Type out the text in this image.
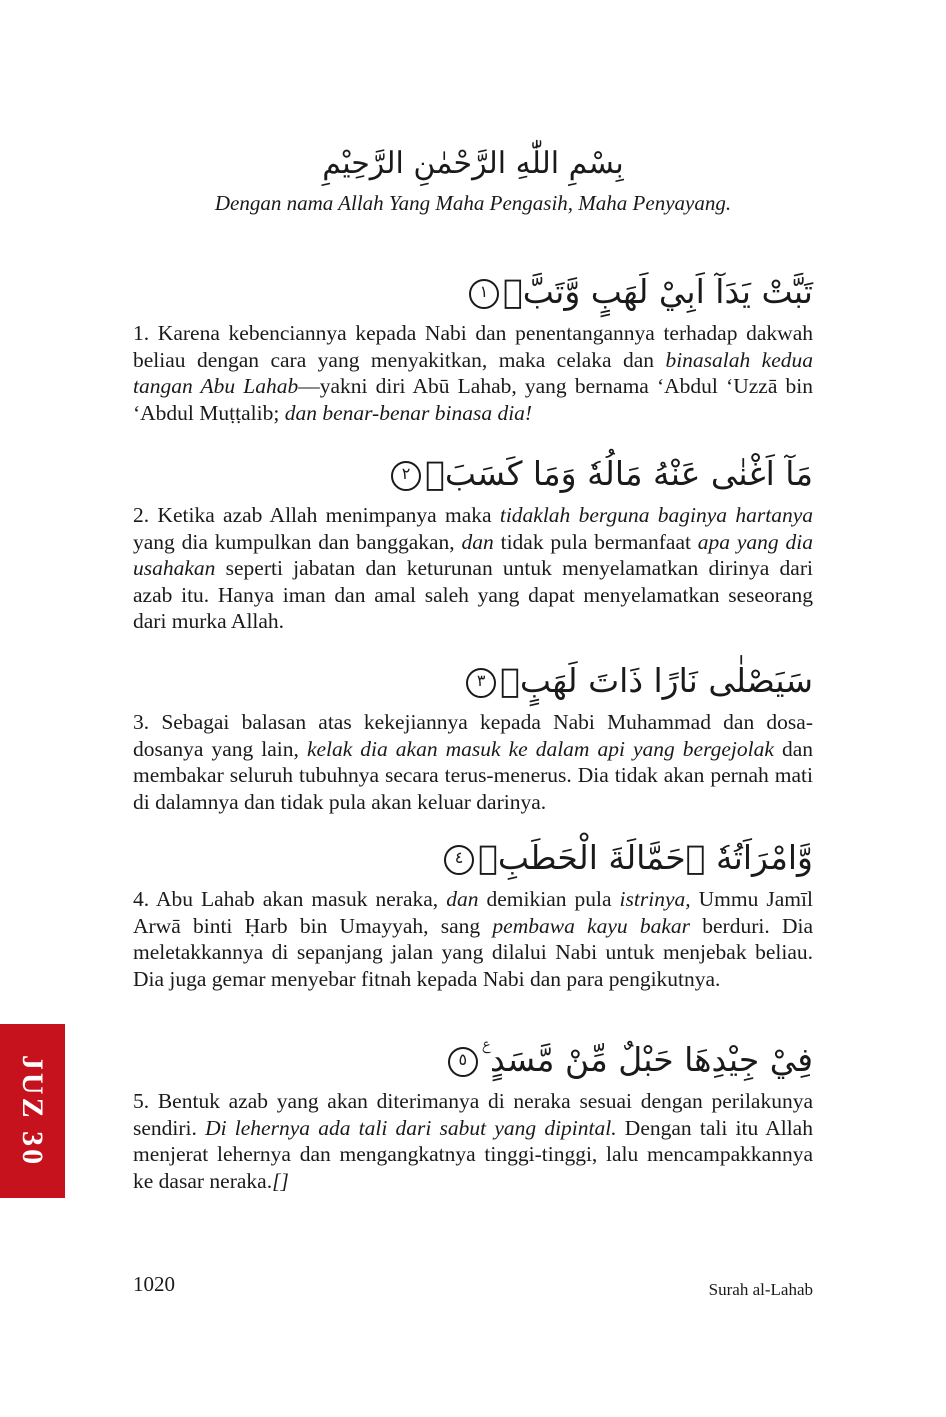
بِسْمِ اللّٰهِ الرَّحْمٰنِ الرَّحِيْمِ
Dengan nama Allah Yang Maha Pengasih, Maha Penyayang.
تَبَّتْ يَدَآ اَبِيْ لَهَبٍ وَّتَبَّۗ١
1. Karena kebenciannya kepada Nabi dan penentangannya terhadap dakwah beliau dengan cara yang menyakitkan, maka celaka dan binasalah kedua tangan Abu Lahab—yakni diri Abū Lahab, yang bernama ‘Abdul ‘Uzzā bin ‘Abdul Muṭṭalib; dan benar-benar binasa dia!
مَآ اَغْنٰى عَنْهُ مَالُهٗ وَمَا كَسَبَۗ٢
2. Ketika azab Allah menimpanya maka tidaklah berguna baginya hartanya yang dia kumpulkan dan banggakan, dan tidak pula bermanfaat apa yang dia usahakan seperti jabatan dan keturunan untuk menyelamatkan dirinya dari azab itu. Hanya iman dan amal saleh yang dapat menyelamatkan seseorang dari murka Allah.
سَيَصْلٰى نَارًا ذَاتَ لَهَبٍۙ٣
3. Sebagai balasan atas kekejiannya kepada Nabi Muhammad dan dosa-dosanya yang lain, kelak dia akan masuk ke dalam api yang bergejolak dan membakar seluruh tubuhnya secara terus-menerus. Dia tidak akan pernah mati di dalamnya dan tidak pula akan keluar darinya.
وَّامْرَاَتُهٗ ۗحَمَّالَةَ الْحَطَبِۚ٤
4. Abu Lahab akan masuk neraka, dan demikian pula istrinya, Ummu Jamīl Arwā binti Ḥarb bin Umayyah, sang pembawa kayu bakar berduri. Dia meletakkannya di sepanjang jalan yang dilalui Nabi untuk menjebak beliau. Dia juga gemar menyebar fitnah kepada Nabi dan para pengikutnya.
فِيْ جِيْدِهَا حَبْلٌ مِّنْ مَّسَدٍ ࣖ٥
5. Bentuk azab yang akan diterimanya di neraka sesuai dengan perilakunya sendiri. Di lehernya ada tali dari sabut yang dipintal. Dengan tali itu Allah menjerat lehernya dan mengangkatnya tinggi-tinggi, lalu mencampakkannya ke dasar neraka.[]
JUZ 30
1020	Surah al-Lahab
